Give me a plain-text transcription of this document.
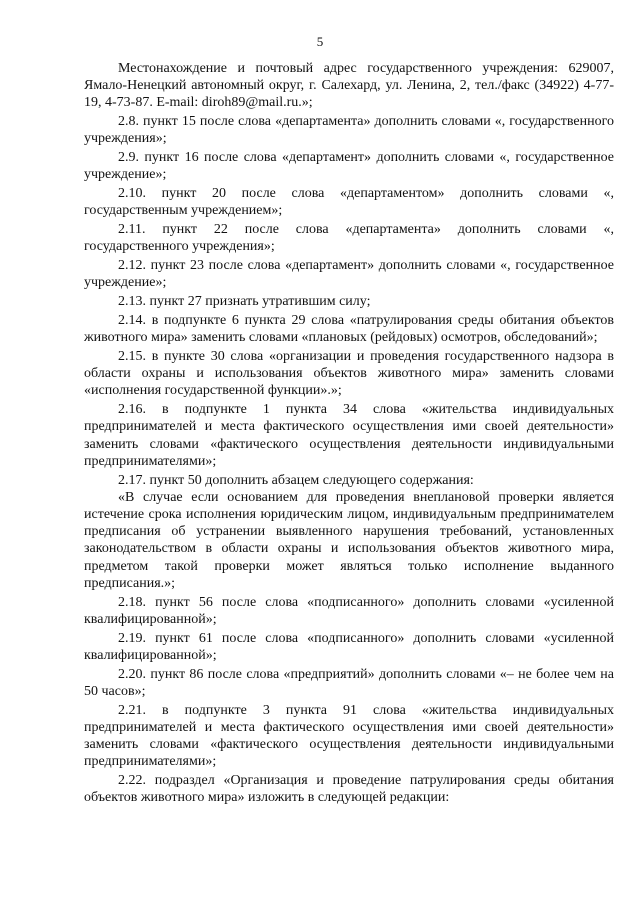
5

Местонахождение и почтовый адрес государственного учреждения: 629007, Ямало-Ненецкий автономный округ, г. Салехард, ул. Ленина, 2, тел./факс (34922) 4-77-19, 4-73-87. E-mail: diroh89@mail.ru.»;

2.8. пункт 15 после слова «департамента» дополнить словами «, государственного учреждения»;

2.9. пункт 16 после слова «департамент» дополнить словами «, государственное учреждение»;

2.10. пункт 20 после слова «департаментом» дополнить словами «, государственным учреждением»;

2.11. пункт 22 после слова «департамента» дополнить словами «, государственного учреждения»;

2.12. пункт 23 после слова «департамент» дополнить словами «, государственное учреждение»;

2.13. пункт 27 признать утратившим силу;

2.14. в подпункте 6 пункта 29 слова «патрулирования среды обитания объектов животного мира» заменить словами «плановых (рейдовых) осмотров, обследований»;

2.15. в пункте 30 слова «организации и проведения государственного надзора в области охраны и использования объектов животного мира» заменить словами «исполнения государственной функции».»;

2.16. в подпункте 1 пункта 34 слова «жительства индивидуальных предпринимателей и места фактического осуществления ими своей деятельности» заменить словами «фактического осуществления деятельности индивидуальными предпринимателями»;

2.17. пункт 50 дополнить абзацем следующего содержания:

«В случае если основанием для проведения внеплановой проверки является истечение срока исполнения юридическим лицом, индивидуальным предпринимателем предписания об устранении выявленного нарушения требований, установленных законодательством в области охраны и использования объектов животного мира, предметом такой проверки может являться только исполнение выданного предписания.»;

2.18. пункт 56 после слова «подписанного» дополнить словами «усиленной квалифицированной»;

2.19. пункт 61 после слова «подписанного» дополнить словами «усиленной квалифицированной»;

2.20. пункт 86 после слова «предприятий» дополнить словами «– не более чем на 50 часов»;

2.21. в подпункте 3 пункта 91 слова «жительства индивидуальных предпринимателей и места фактического осуществления ими своей деятельности» заменить словами «фактического осуществления деятельности индивидуальными предпринимателями»;

2.22. подраздел «Организация и проведение патрулирования среды обитания объектов животного мира» изложить в следующей редакции:
